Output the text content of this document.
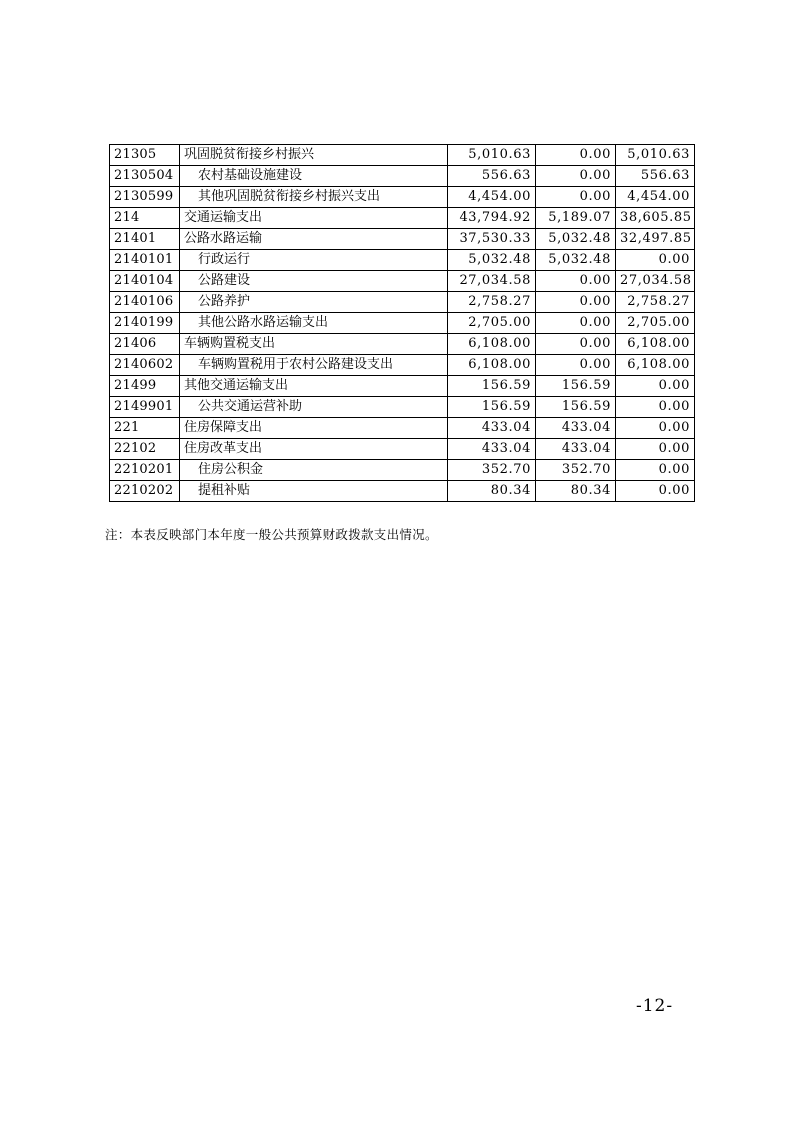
21305	巩固脱贫衔接乡村振兴	5,010.63	0.00	5,010.63
2130504	农村基础设施建设	556.63	0.00	556.63
2130599	其他巩固脱贫衔接乡村振兴支出	4,454.00	0.00	4,454.00
214	交通运输支出	43,794.92	5,189.07	38,605.85
21401	公路水路运输	37,530.33	5,032.48	32,497.85
2140101	行政运行	5,032.48	5,032.48	0.00
2140104	公路建设	27,034.58	0.00	27,034.58
2140106	公路养护	2,758.27	0.00	2,758.27
2140199	其他公路水路运输支出	2,705.00	0.00	2,705.00
21406	车辆购置税支出	6,108.00	0.00	6,108.00
2140602	车辆购置税用于农村公路建设支出	6,108.00	0.00	6,108.00
21499	其他交通运输支出	156.59	156.59	0.00
2149901	公共交通运营补助	156.59	156.59	0.00
221	住房保障支出	433.04	433.04	0.00
22102	住房改革支出	433.04	433.04	0.00
2210201	住房公积金	352.70	352.70	0.00
2210202	提租补贴	80.34	80.34	0.00
注：本表反映部门本年度一般公共预算财政拨款支出情况。
-12-
